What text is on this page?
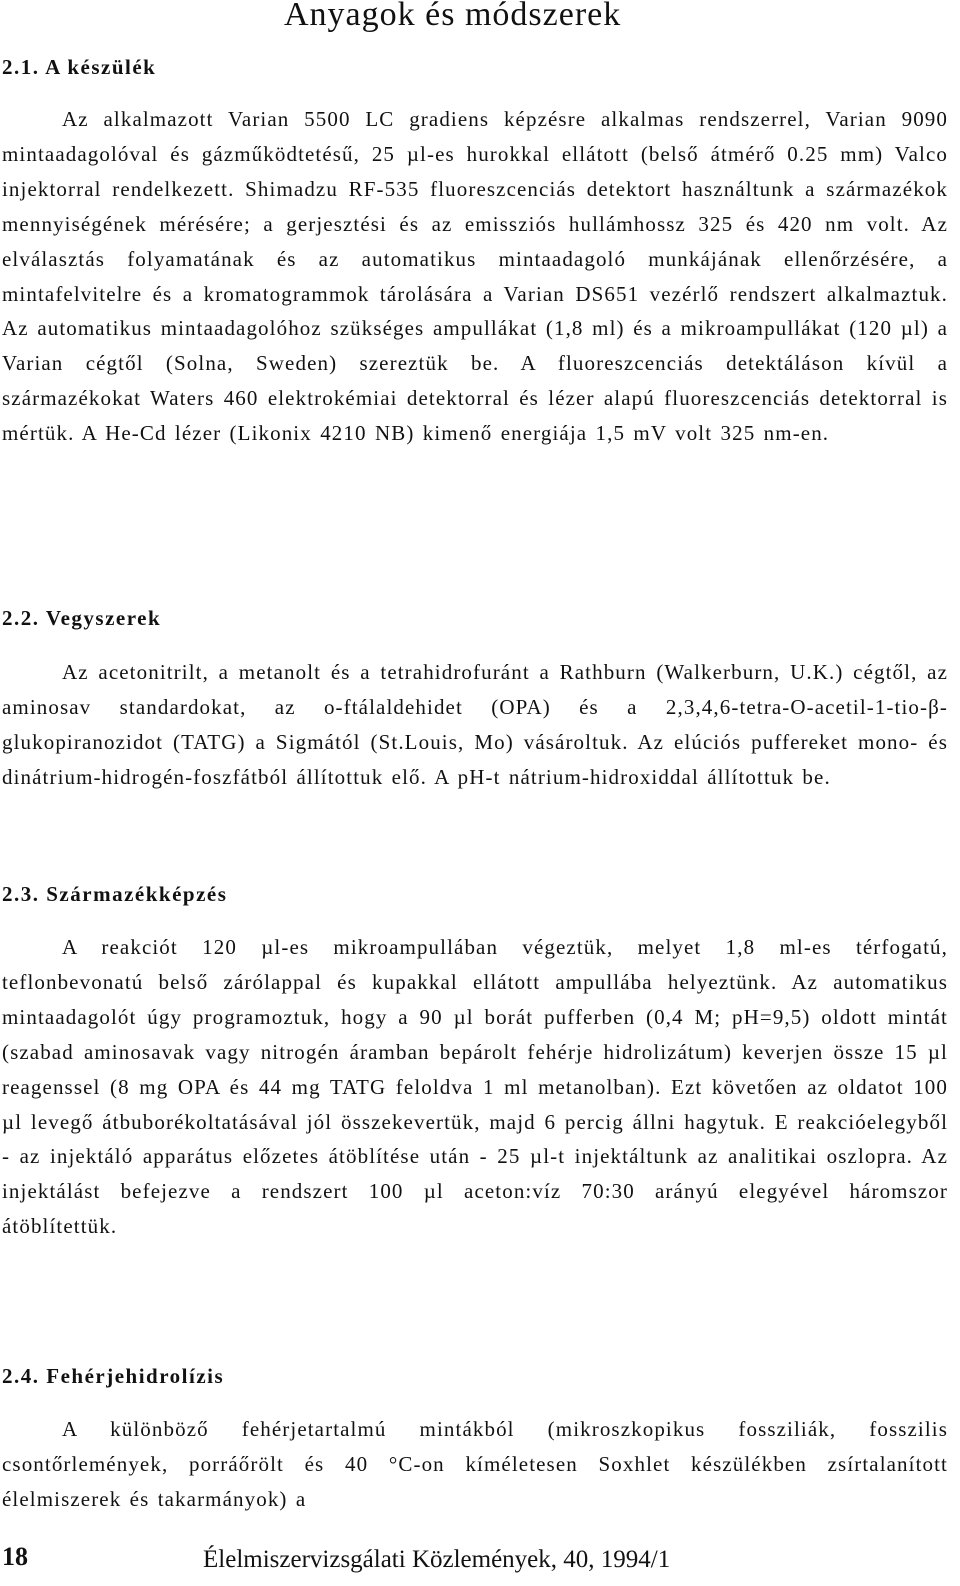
Anyagok és módszerek
2.1. A készülék

Az alkalmazott Varian 5500 LC gradiens képzésre alkalmas rendszerrel, Varian 9090 mintaadagolóval és gázműködtetésű, 25 µl-es hurokkal ellátott (belső átmérő 0.25 mm) Valco injektorral rendelkezett. Shimadzu RF-535 fluoreszcenciás detektort használtunk a származékok mennyiségének mérésére; a gerjesztési és az emissziós hullámhossz 325 és 420 nm volt. Az elválasztás folyamatának és az automatikus mintaadagoló munkájának ellenőrzésére, a mintafelvitelre és a kromatogrammok tárolására a Varian DS651 vezérlő rendszert alkalmaztuk. Az automatikus mintaadagolóhoz szükséges ampullákat (1,8 ml) és a mikroampullákat (120 µl) a Varian cégtől (Solna, Sweden) szereztük be. A fluoreszcenciás detektáláson kívül a származékokat Waters 460 elektrokémiai detektorral és lézer alapú fluoreszcenciás detektorral is mértük. A He-Cd lézer (Likonix 4210 NB) kimenő energiája 1,5 mV volt 325 nm-en.

2.2. Vegyszerek

Az acetonitrilt, a metanolt és a tetrahidrofuránt a Rathburn (Walkerburn, U.K.) cégtől, az aminosav standardokat, az o-ftálaldehidet (OPA) és a 2,3,4,6-tetra-O-acetil-1-tio-β-glukopiranozidot (TATG) a Sigmától (St.Louis, Mo) vásároltuk. Az elúciós puffereket mono- és dinátrium-hidrogén-foszfátból állítottuk elő. A pH-t nátrium-hidroxiddal állítottuk be.

2.3. Származékképzés

A reakciót 120 µl-es mikroampullában végeztük, melyet 1,8 ml-es térfogatú, teflonbevonatú belső zárólappal és kupakkal ellátott ampullába helyeztünk. Az automatikus mintaadagolót úgy programoztuk, hogy a 90 µl borát pufferben (0,4 M; pH=9,5) oldott mintát (szabad aminosavak vagy nitrogén áramban bepárolt fehérje hidrolizátum) keverjen össze 15 µl reagenssel (8 mg OPA és 44 mg TATG feloldva 1 ml metanolban). Ezt követően az oldatot 100 µl levegő átbuborékoltatásával jól összekevertük, majd 6 percig állni hagytuk. E reakcióelegyből - az injektáló apparátus előzetes átöblítése után - 25 µl-t injektáltunk az analitikai oszlopra. Az injektálást befejezve a rendszert 100 µl aceton:víz 70:30 arányú elegyével háromszor átöblítettük.

2.4. Fehérjehidrolízis

A különböző fehérjetartalmú mintákból (mikroszkopikus fossziliák, fosszilis csontőrlemények, porráőrölt és 40 °C-on kíméletesen Soxhlet készülékben zsírtalanított élelmiszerek és takarmányok) a

18	Élelmiszervizsgálati Közlemények, 40, 1994/1
